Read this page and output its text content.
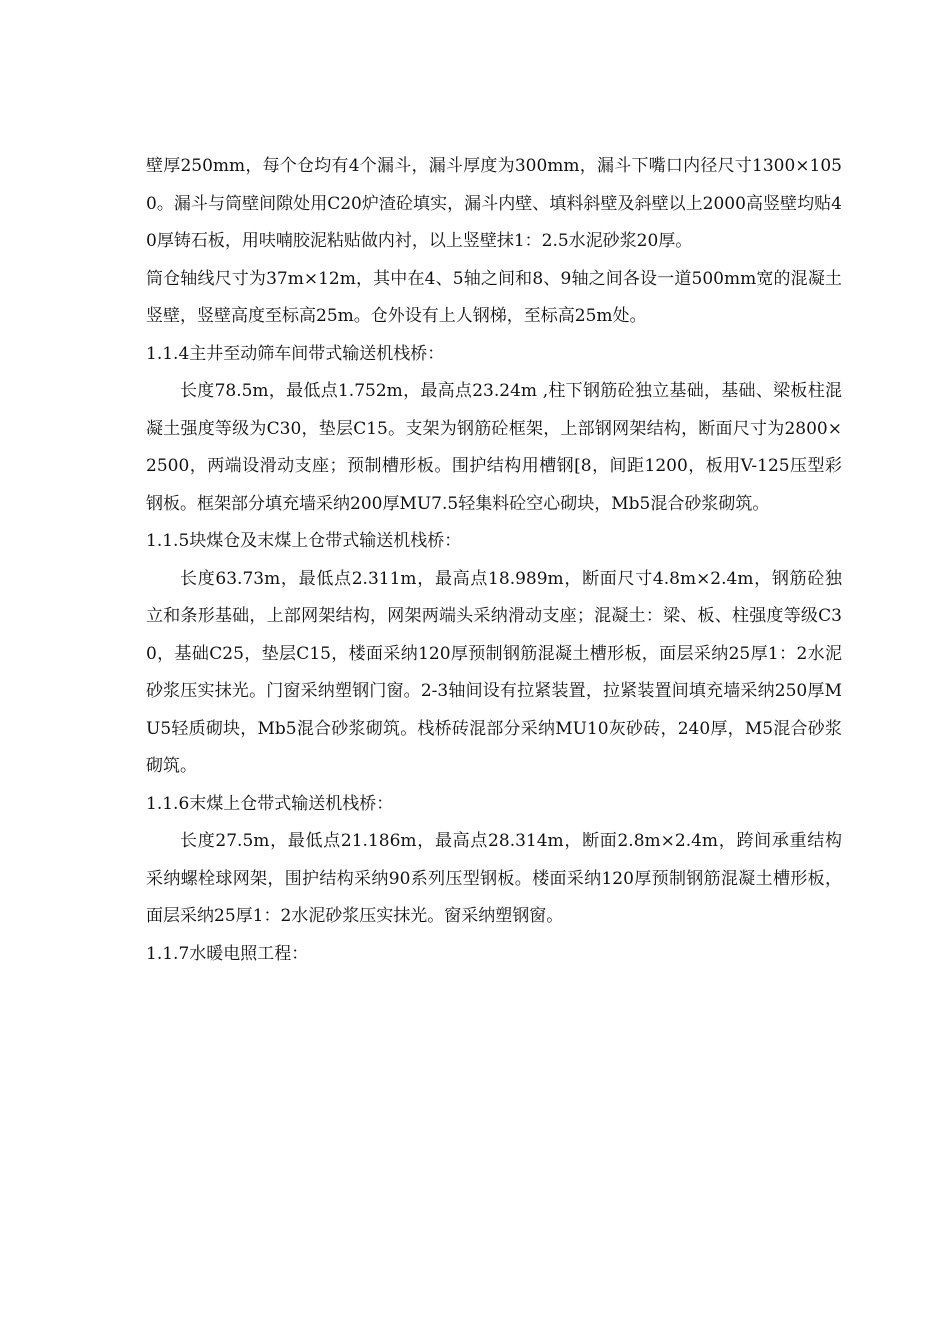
壁厚250mm，每个仓均有4个漏斗，漏斗厚度为300mm，漏斗下嘴口内径尺寸1300×1050。漏斗与筒壁间隙处用C20炉渣砼填实，漏斗内壁、填料斜壁及斜壁以上2000高竖壁均贴40厚铸石板，用呋喃胶泥粘贴做内衬，以上竖壁抹1：2.5水泥砂浆20厚。

筒仓轴线尺寸为37m×12m，其中在4、5轴之间和8、9轴之间各设一道500mm宽的混凝土竖壁，竖壁高度至标高25m。仓外设有上人钢梯，至标高25m处。

1.1.4主井至动筛车间带式输送机栈桥：

长度78.5m，最低点1.752m，最高点23.24m ,柱下钢筋砼独立基础，基础、梁板柱混凝土强度等级为C30，垫层C15。支架为钢筋砼框架，上部钢网架结构，断面尺寸为2800×2500，两端设滑动支座；预制槽形板。围护结构用槽钢[8，间距1200，板用V-125压型彩钢板。框架部分填充墙采纳200厚MU7.5轻集料砼空心砌块，Mb5混合砂浆砌筑。

1.1.5块煤仓及末煤上仓带式输送机栈桥：

长度63.73m，最低点2.311m，最高点18.989m，断面尺寸4.8m×2.4m，钢筋砼独立和条形基础，上部网架结构，网架两端头采纳滑动支座；混凝土：梁、板、柱强度等级C30，基础C25，垫层C15，楼面采纳120厚预制钢筋混凝土槽形板，面层采纳25厚1：2水泥砂浆压实抹光。门窗采纳塑钢门窗。2-3轴间设有拉紧装置，拉紧装置间填充墙采纳250厚MU5轻质砌块，Mb5混合砂浆砌筑。栈桥砖混部分采纳MU10灰砂砖，240厚，M5混合砂浆砌筑。

1.1.6末煤上仓带式输送机栈桥：

长度27.5m，最低点21.186m，最高点28.314m，断面2.8m×2.4m，跨间承重结构采纳螺栓球网架，围护结构采纳90系列压型钢板。楼面采纳120厚预制钢筋混凝土槽形板，面层采纳25厚1：2水泥砂浆压实抹光。窗采纳塑钢窗。

1.1.7水暖电照工程：
